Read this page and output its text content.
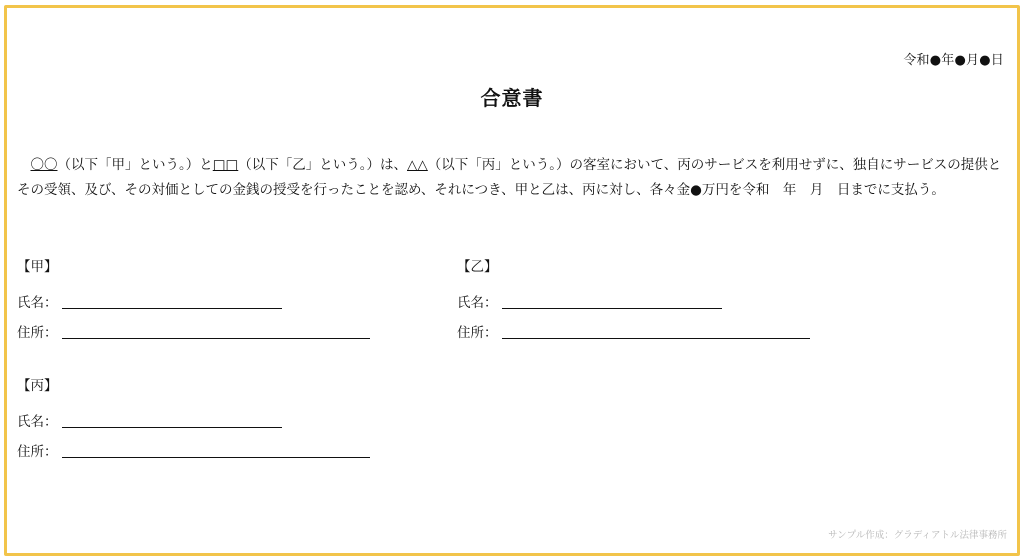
令和●年●月●日
合意書
　〇〇（以下「甲」という。）と□□（以下「乙」という。）は、△△（以下「丙」という。）の客室において、丙のサービスを利用せずに、独自にサービスの提供とその受領、及び、その対価としての金銭の授受を行ったことを認め、それにつき、甲と乙は、丙に対し、各々金●万円を令和　年　月　日までに支払う。
【甲】
氏名：
住所：
【乙】
氏名：
住所：
【丙】
氏名：
住所：
サンプル作成：グラディアトル法律事務所
